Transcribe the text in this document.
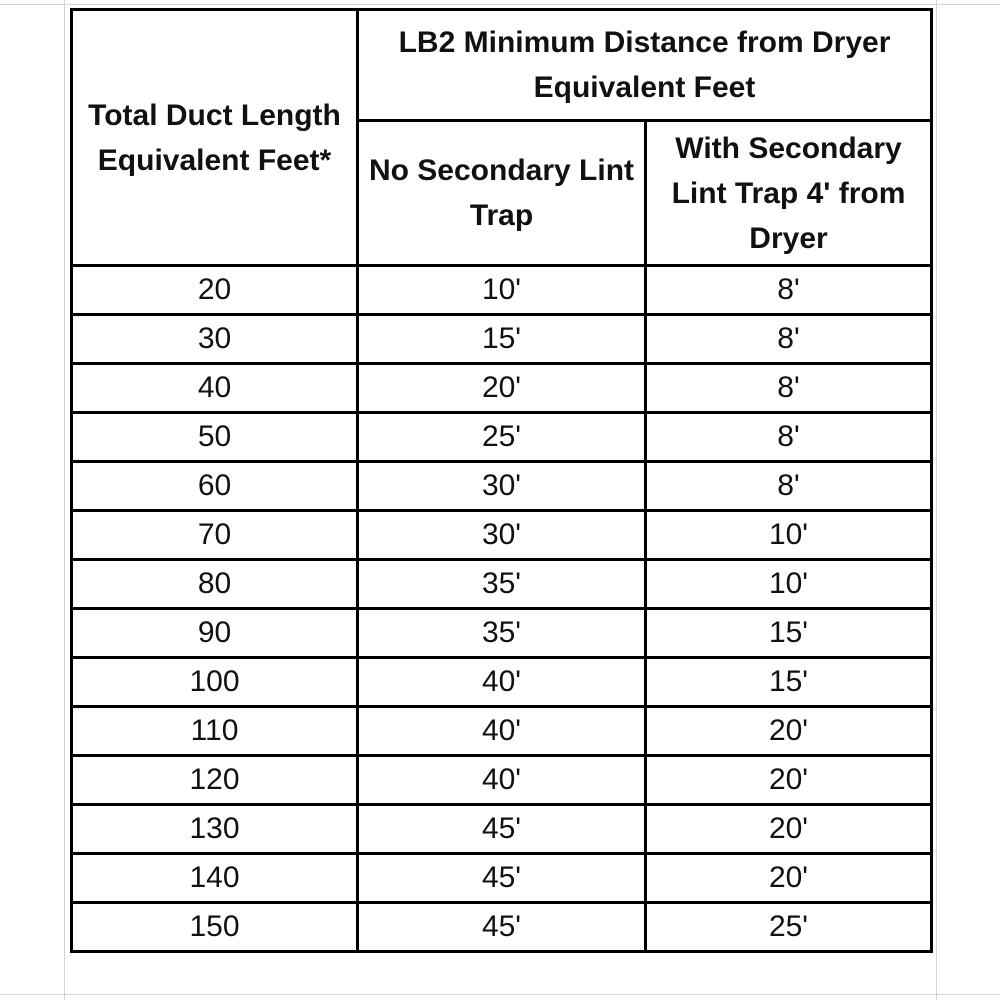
Total Duct Length Equivalent Feet*	LB2 Minimum Distance from Dryer Equivalent Feet	
	No Secondary Lint Trap	With Secondary Lint Trap 4' from Dryer
20	10'	8'
30	15'	8'
40	20'	8'
50	25'	8'
60	30'	8'
70	30'	10'
80	35'	10'
90	35'	15'
100	40'	15'
110	40'	20'
120	40'	20'
130	45'	20'
140	45'	20'
150	45'	25'
